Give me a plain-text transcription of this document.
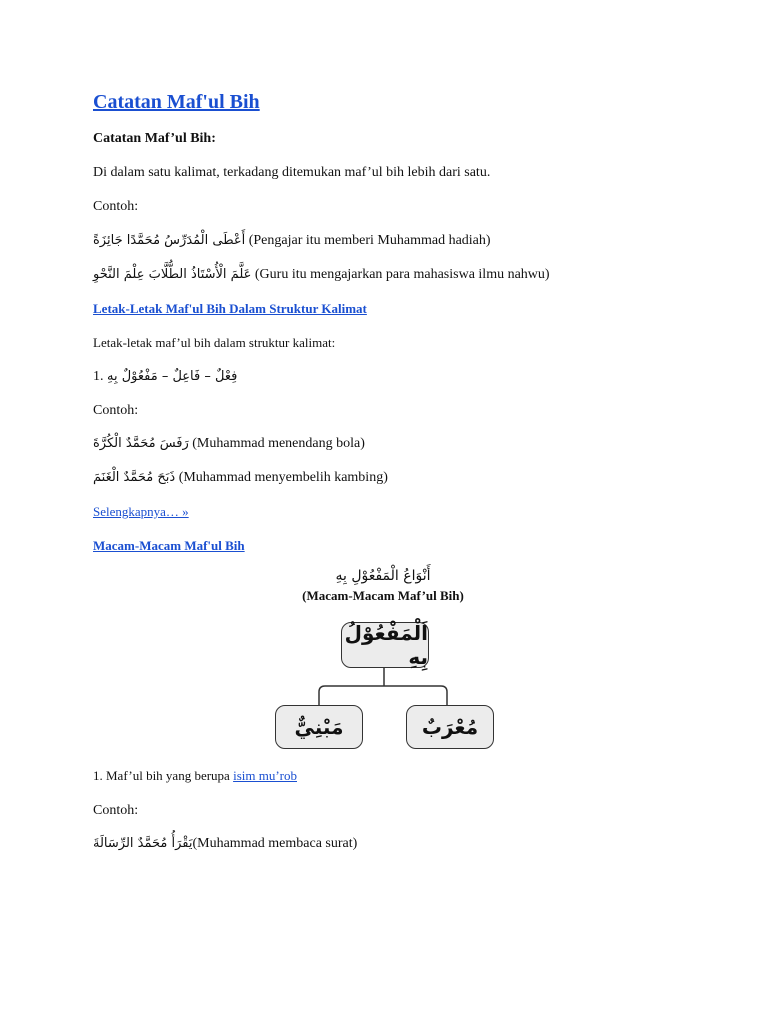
Catatan Maf'ul Bih
Catatan Maf’ul Bih:
Di dalam satu kalimat, terkadang ditemukan maf’ul bih lebih dari satu.
Contoh:
أَعْطَى الْمُدَرِّسُ مُحَمَّدًا جَائِزَةً (Pengajar itu memberi Muhammad hadiah)
عَلَّمَ الْأُسْتَاذُ الطُّلَّابَ عِلْمَ النَّحْوِ (Guru itu mengajarkan para mahasiswa ilmu nahwu)
Letak-Letak Maf'ul Bih Dalam Struktur Kalimat
Letak-letak maf’ul bih dalam struktur kalimat:
1. فِعْلٌ – فَاعِلٌ – مَفْعُوْلٌ بِهِ
Contoh:
رَفَسَ مُحَمَّدٌ الْكُرَّةَ (Muhammad menendang bola)
ذَبَحَ مُحَمَّدٌ الْغَنَمَ (Muhammad menyembelih kambing)
Selengkapnya… »
Macam-Macam Maf'ul Bih
أَنْوَاعُ الْمَفْعُوْلِ بِهِ
(Macam-Macam Maf’ul Bih)
اَلْمَفْعُوْلُ بِهِ
مَبْنِيٌّ	مُعْرَبٌ
1. Maf’ul bih yang berupa isim mu’rob
Contoh:
يَقْرَأُ مُحَمَّدٌ الرِّسَالَةَ(Muhammad membaca surat)
